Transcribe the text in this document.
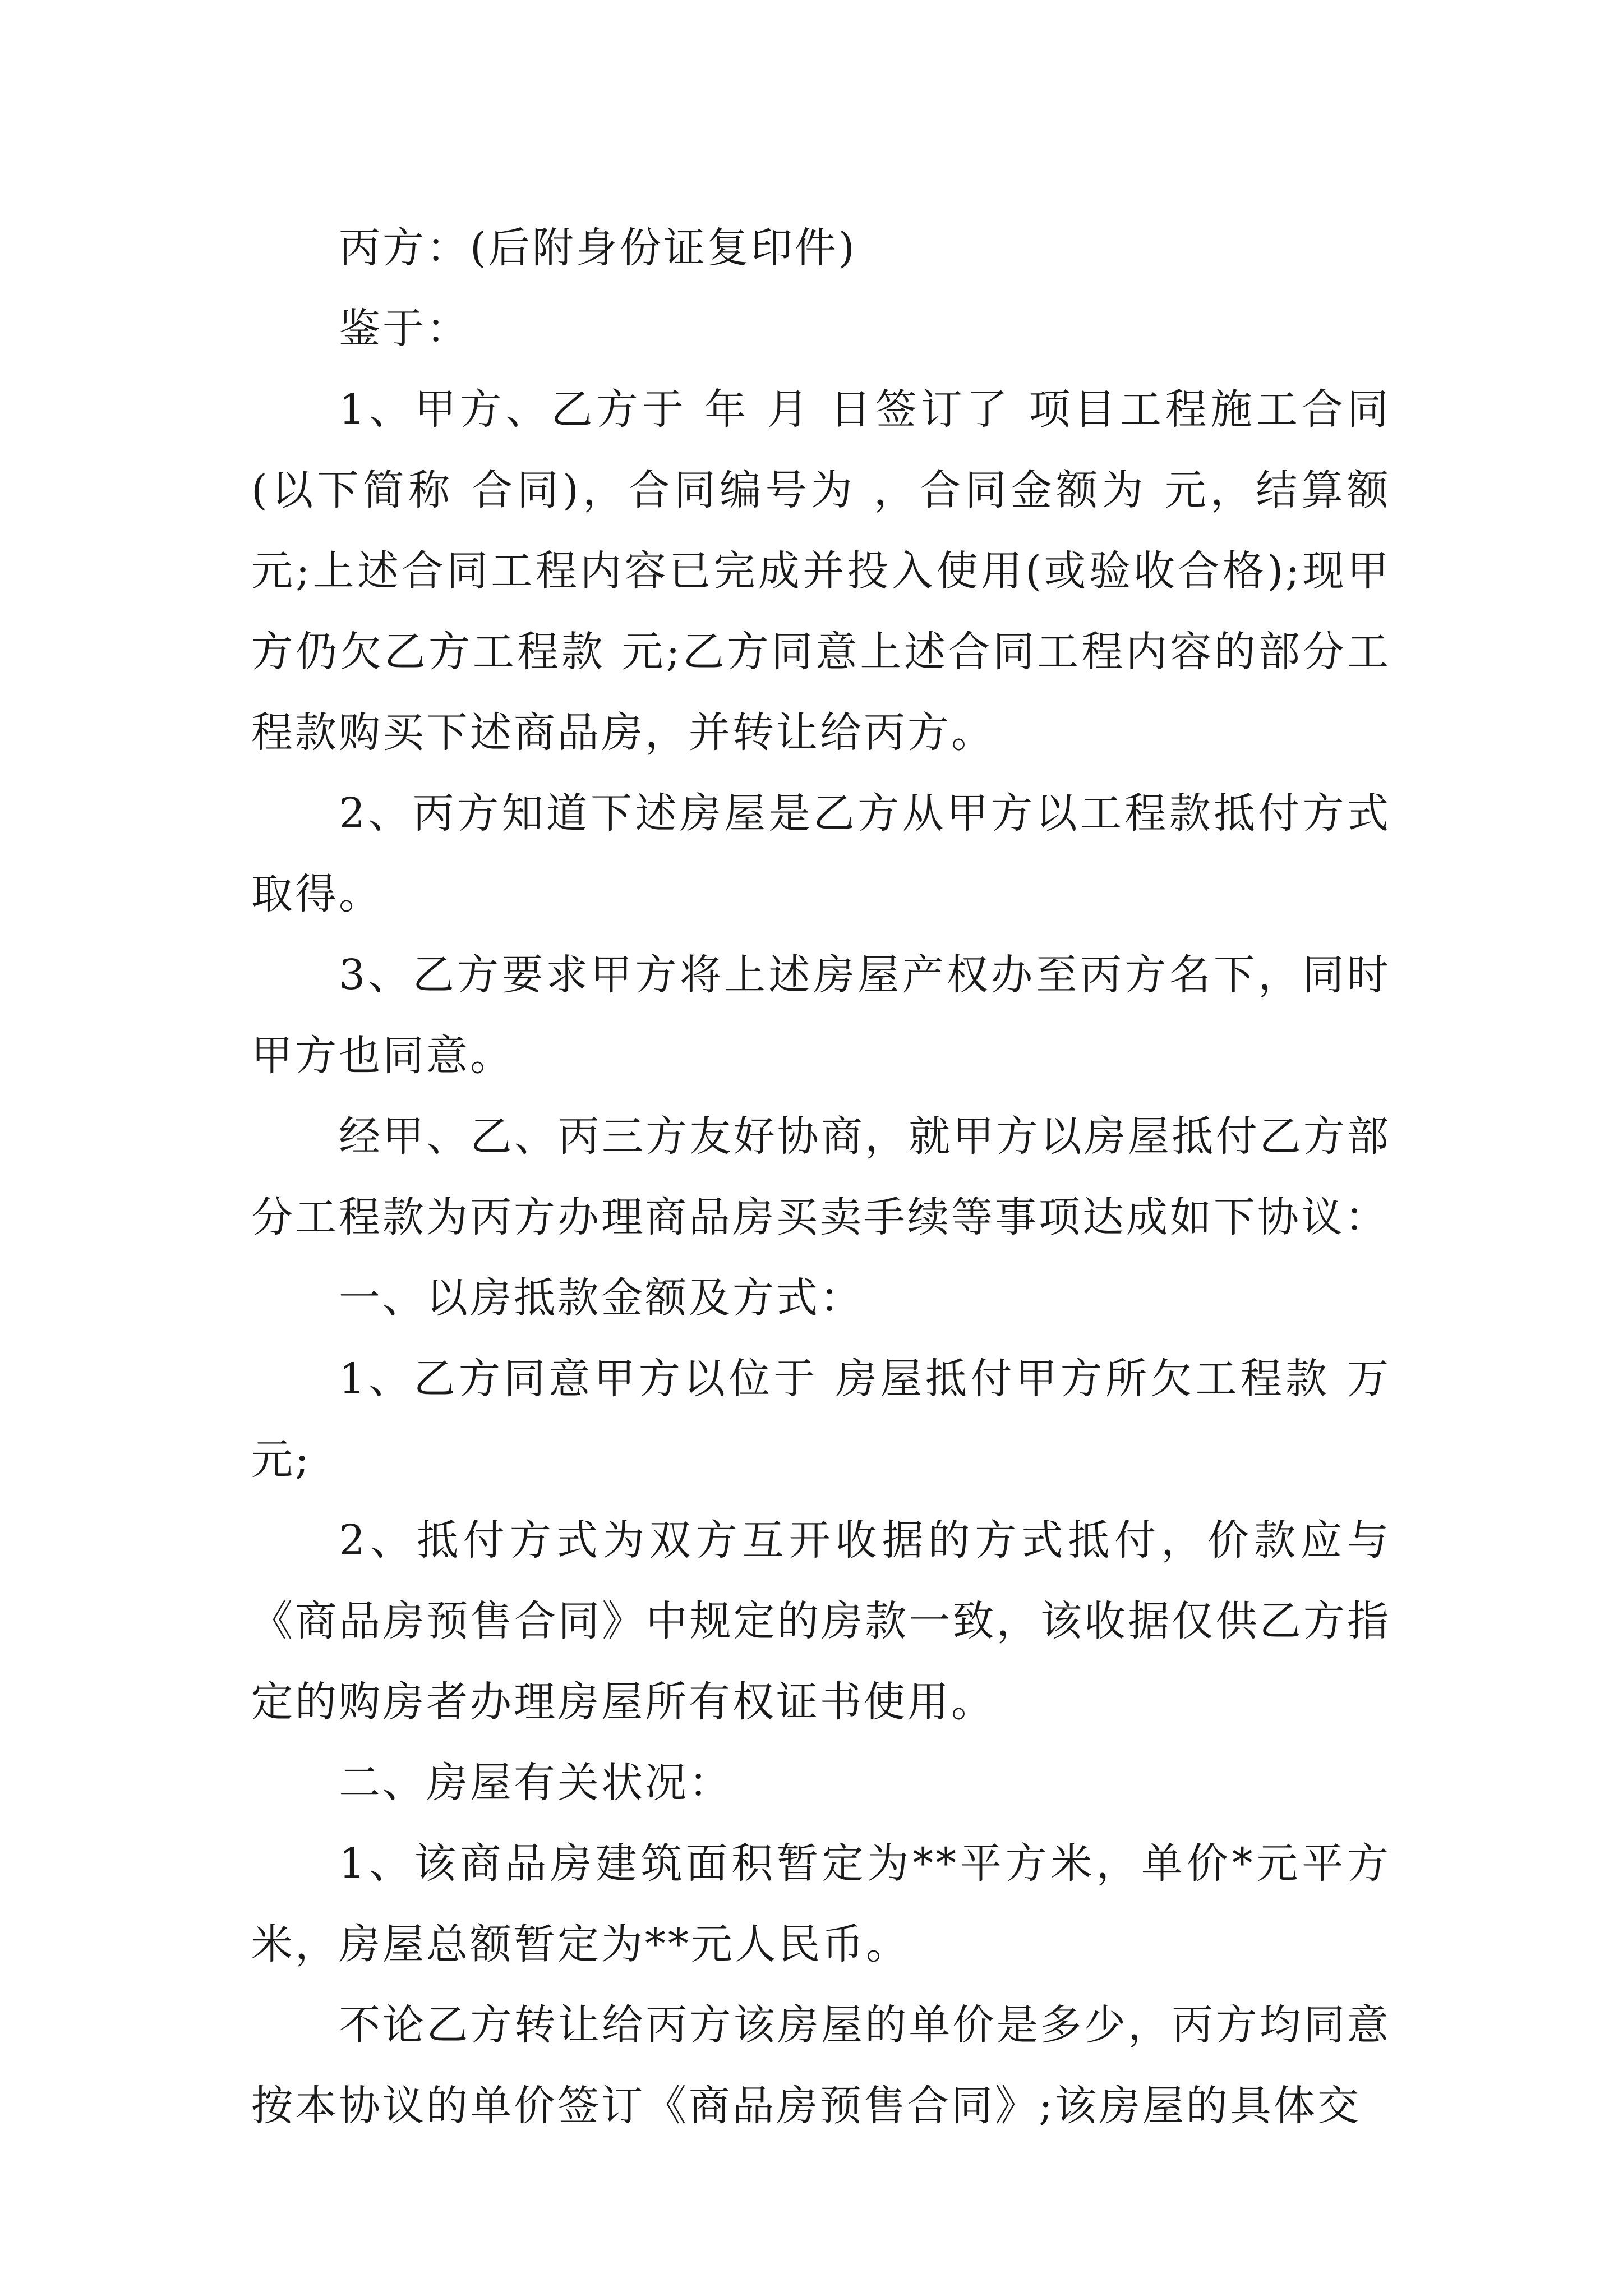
丙方：(后附身份证复印件)

鉴于：

1、甲方、乙方于 年 月 日签订了 项目工程施工合同(以下简称 合同)，合同编号为 ，合同金额为 元，结算额 元;上述合同工程内容已完成并投入使用(或验收合格);现甲方仍欠乙方工程款 元;乙方同意上述合同工程内容的部分工程款购买下述商品房，并转让给丙方。

2、丙方知道下述房屋是乙方从甲方以工程款抵付方式取得。

3、乙方要求甲方将上述房屋产权办至丙方名下，同时甲方也同意。

经甲、乙、丙三方友好协商，就甲方以房屋抵付乙方部分工程款为丙方办理商品房买卖手续等事项达成如下协议：

一、以房抵款金额及方式：

1、乙方同意甲方以位于 房屋抵付甲方所欠工程款 万元;

2、抵付方式为双方互开收据的方式抵付，价款应与《商品房预售合同》中规定的房款一致，该收据仅供乙方指定的购房者办理房屋所有权证书使用。

二、房屋有关状况：

1、该商品房建筑面积暂定为**平方米，单价*元平方米，房屋总额暂定为**元人民币。

不论乙方转让给丙方该房屋的单价是多少，丙方均同意按本协议的单价签订《商品房预售合同》;该房屋的具体交
